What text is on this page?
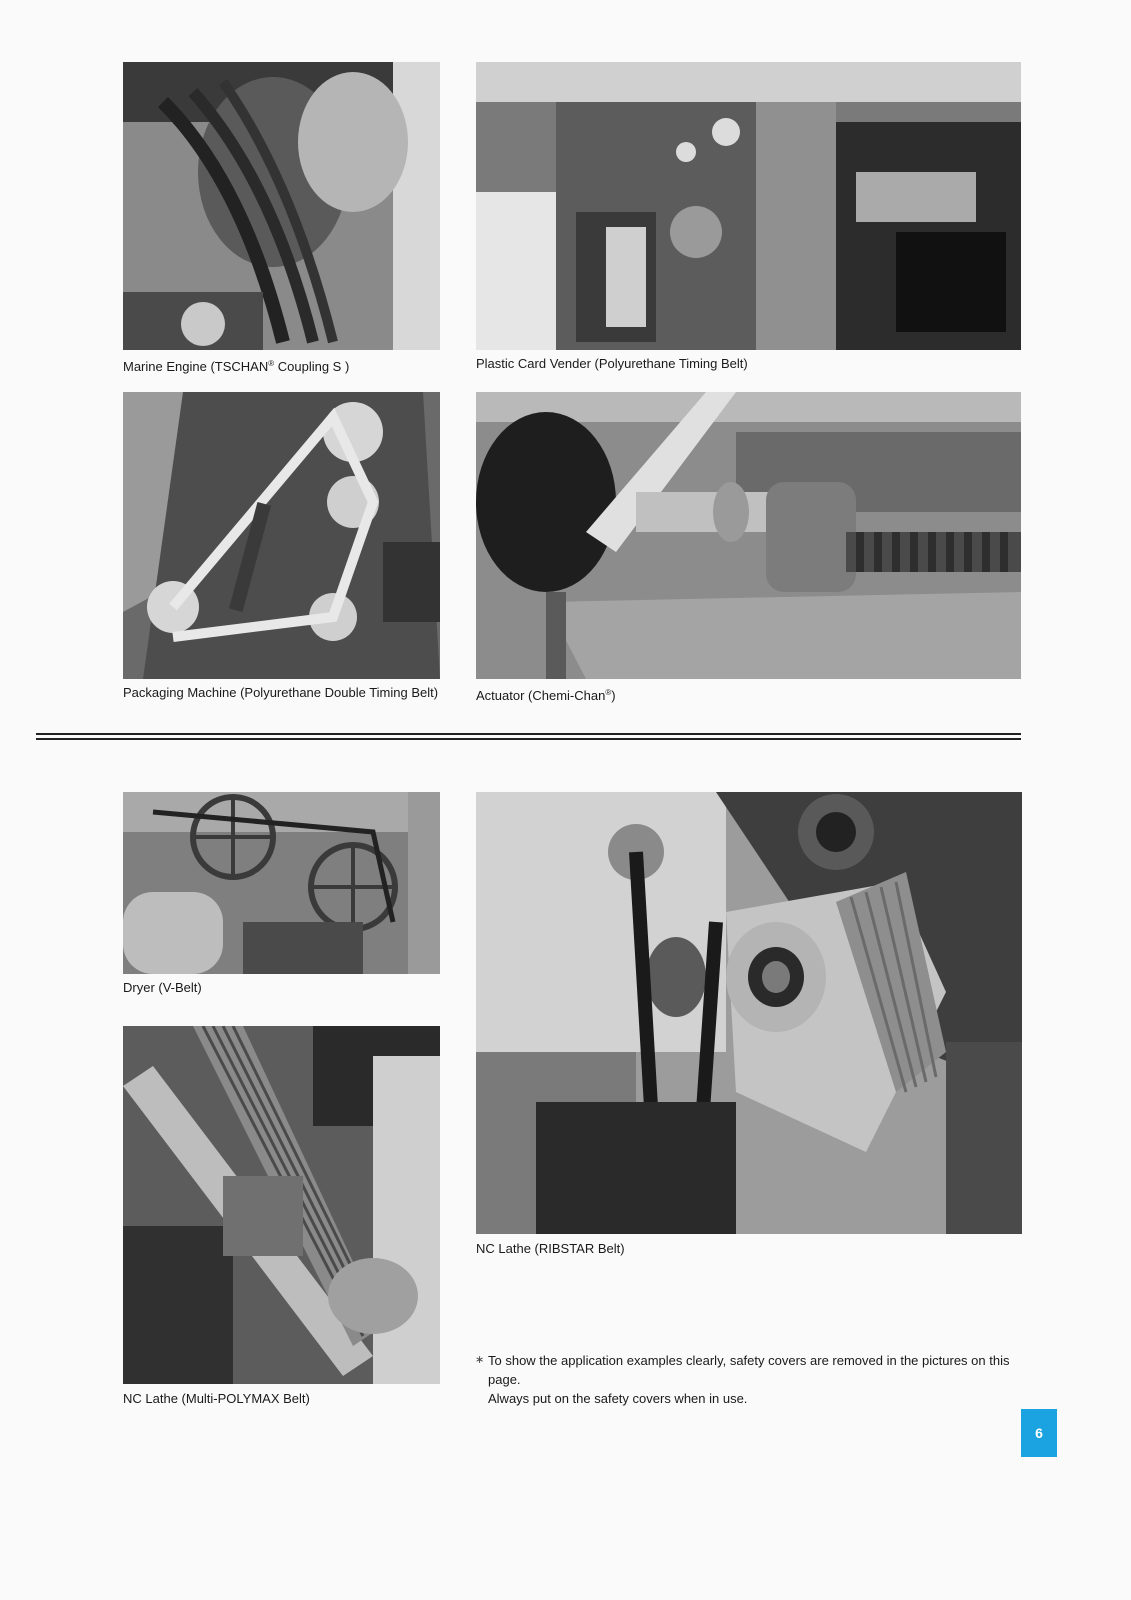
Marine Engine (TSCHAN® Coupling S )	Plastic Card Vender (Polyurethane Timing Belt)
Packaging Machine (Polyurethane Double Timing Belt)	Actuator (Chemi-Chan®)
Dryer (V-Belt)
NC Lathe (Multi-POLYMAX Belt)
NC Lathe (RIBSTAR Belt)
∗ To show the application examples clearly, safety covers are removed in the pictures on this page.
Always put on the safety covers when in use.
6
